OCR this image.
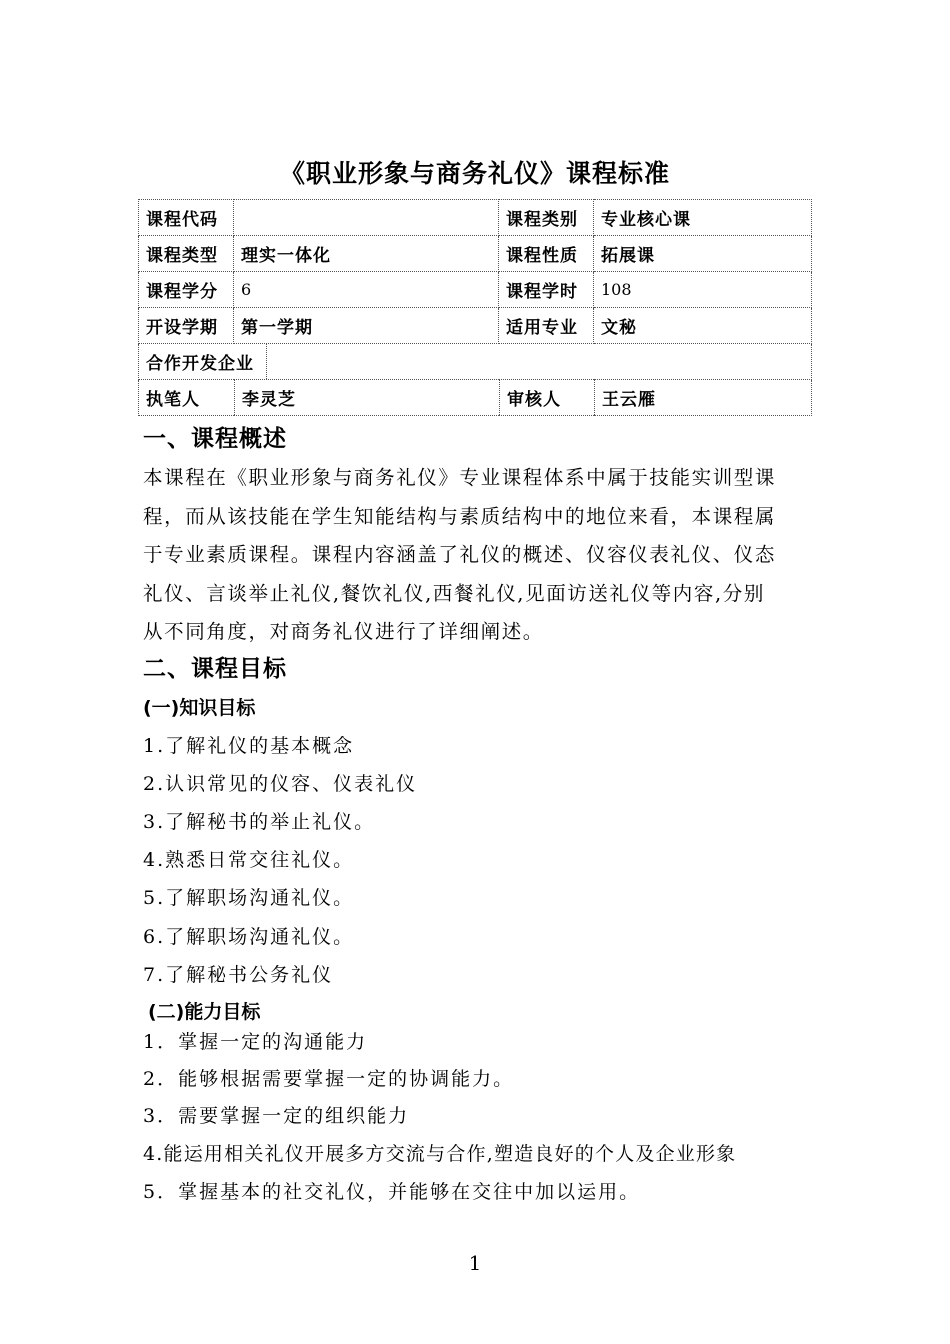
《职业形象与商务礼仪》课程标准
课程代码		课程类别	专业核心课
课程类型	理实一体化	课程性质	拓展课
课程学分	6	课程学时	108
开设学期	第一学期	适用专业	文秘

合作开发企业			

执笔人 李灵芝 审核人 王云雁			
一、课程概述
本课程在《职业形象与商务礼仪》专业课程体系中属于技能实训型课
程，而从该技能在学生知能结构与素质结构中的地位来看，本课程属
于专业素质课程。课程内容涵盖了礼仪的概述、仪容仪表礼仪、仪态
礼仪、言谈举止礼仪,餐饮礼仪,西餐礼仪,见面访送礼仪等内容,分别
从不同角度，对商务礼仪进行了详细阐述。
二、课程目标
(一)知识目标
1.了解礼仪的基本概念
2.认识常见的仪容、仪表礼仪
3.了解秘书的举止礼仪。
4.熟悉日常交往礼仪。
5.了解职场沟通礼仪。
6.了解职场沟通礼仪。
7.了解秘书公务礼仪
(二)能力目标
1．掌握一定的沟通能力
2．能够根据需要掌握一定的协调能力。
3．需要掌握一定的组织能力
4.能运用相关礼仪开展多方交流与合作,塑造良好的个人及企业形象
5．掌握基本的社交礼仪，并能够在交往中加以运用。
1
